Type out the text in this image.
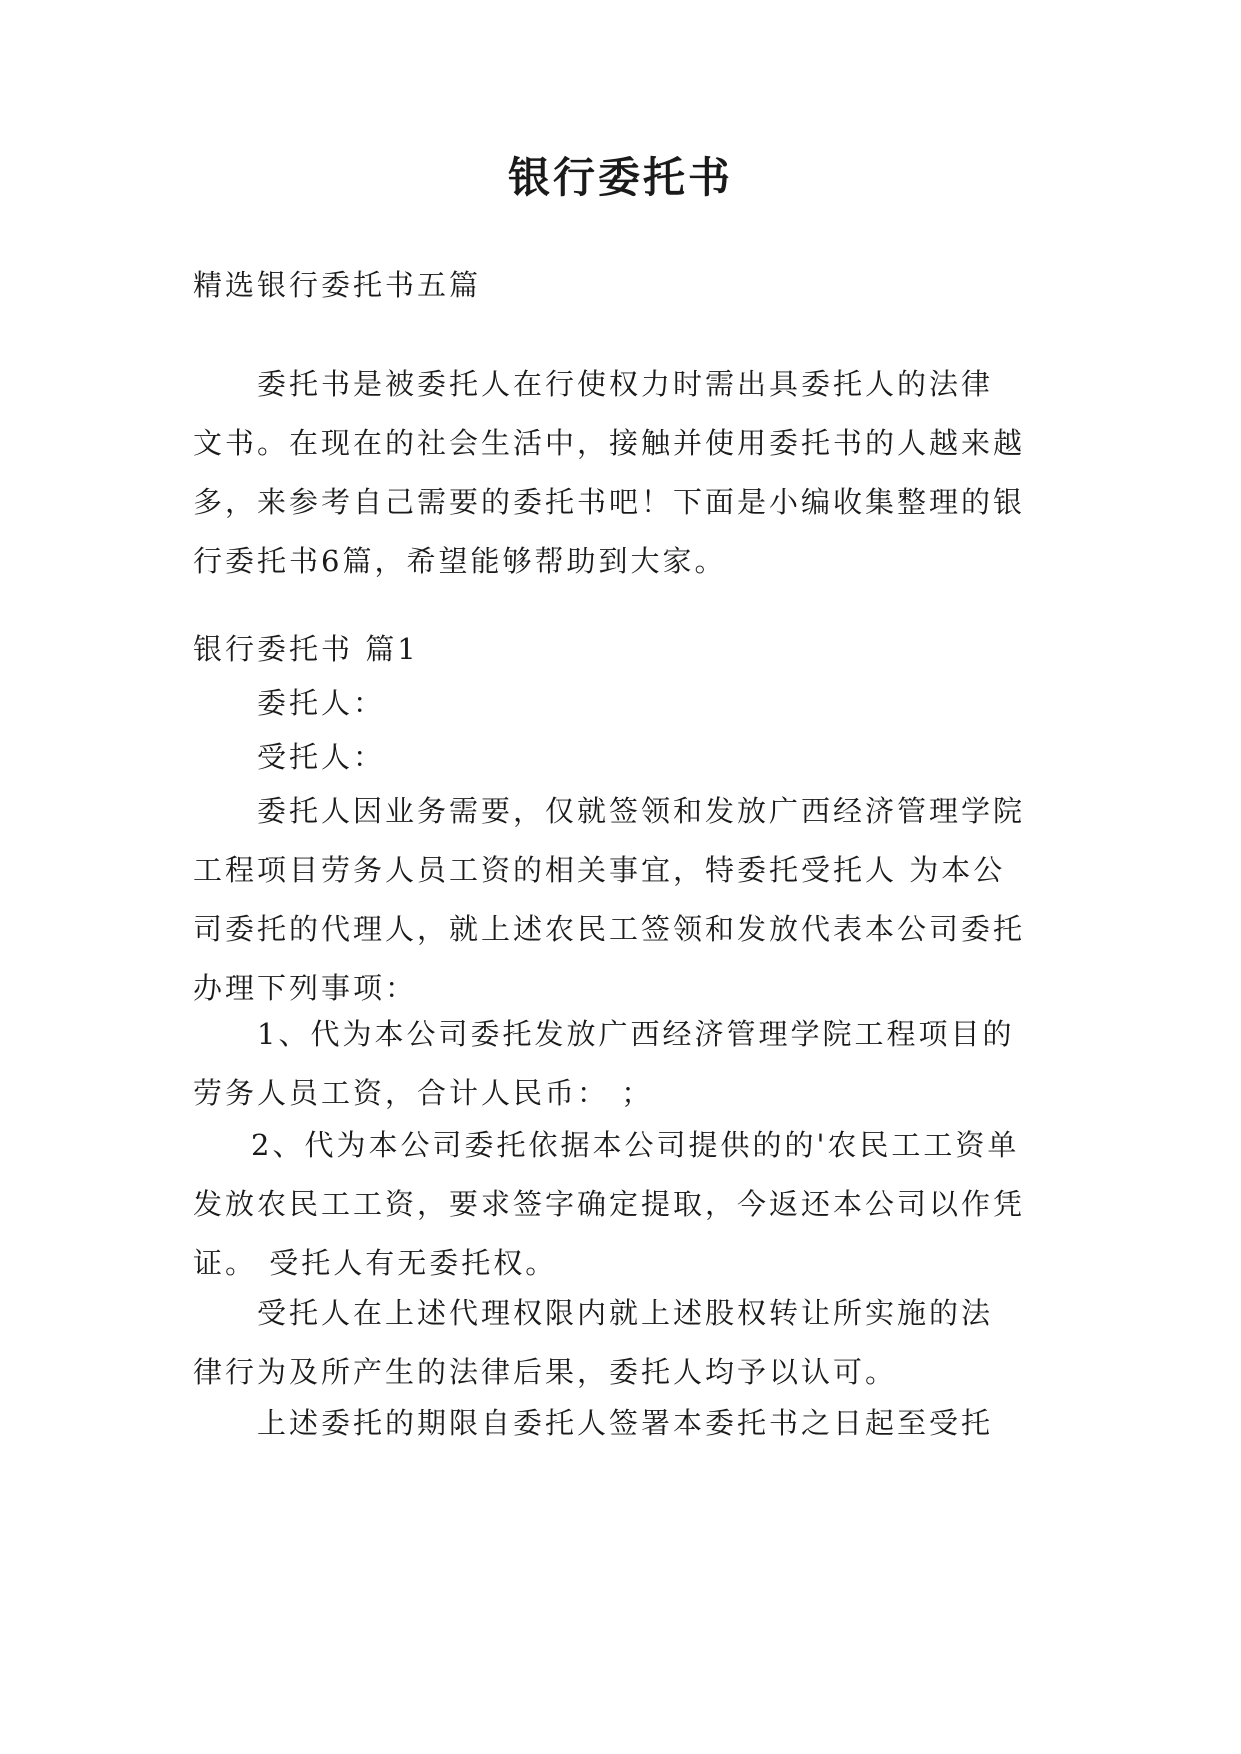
银行委托书

精选银行委托书五篇

委托书是被委托人在行使权力时需出具委托人的法律
文书。在现在的社会生活中，接触并使用委托书的人越来越
多，来参考自己需要的委托书吧！下面是小编收集整理的银
行委托书6篇，希望能够帮助到大家。

银行委托书 篇1

委托人：

受托人：

委托人因业务需要，仅就签领和发放广西经济管理学院
工程项目劳务人员工资的相关事宜，特委托受托人 为本公
司委托的代理人，就上述农民工签领和发放代表本公司委托
办理下列事项：

1、代为本公司委托发放广西经济管理学院工程项目的
劳务人员工资，合计人民币： ；

2、代为本公司委托依据本公司提供的的'农民工工资单
发放农民工工资，要求签字确定提取，今返还本公司以作凭
证。 受托人有无委托权。

受托人在上述代理权限内就上述股权转让所实施的法
律行为及所产生的法律后果，委托人均予以认可。

上述委托的期限自委托人签署本委托书之日起至受托
